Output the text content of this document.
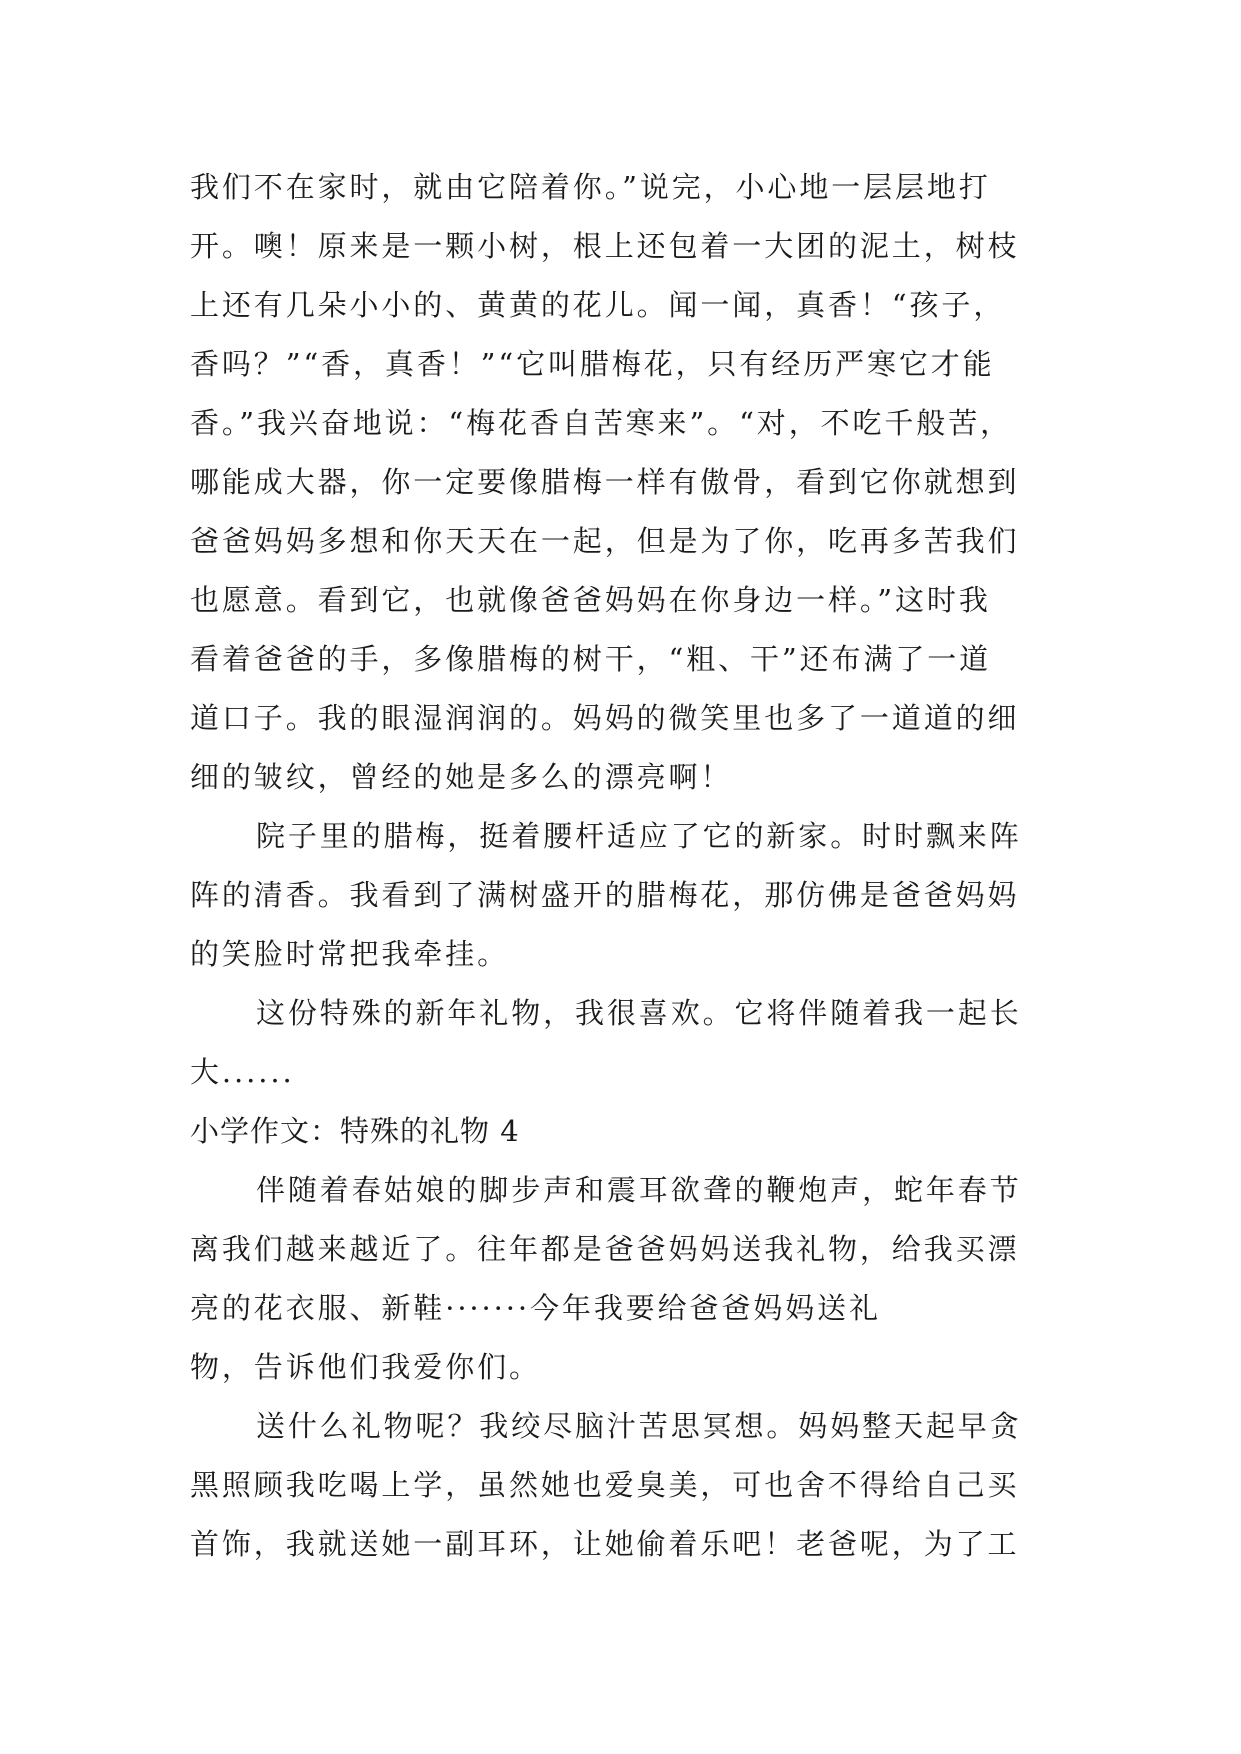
我们不在家时，就由它陪着你。”说完，小心地一层层地打
开。噢！原来是一颗小树，根上还包着一大团的泥土，树枝
上还有几朵小小的、黄黄的花儿。闻一闻，真香！“孩子，
香吗？”“香，真香！”“它叫腊梅花，只有经历严寒它才能
香。”我兴奋地说：“梅花香自苦寒来”。“对，不吃千般苦，
哪能成大器，你一定要像腊梅一样有傲骨，看到它你就想到
爸爸妈妈多想和你天天在一起，但是为了你，吃再多苦我们
也愿意。看到它，也就像爸爸妈妈在你身边一样。”这时我
看着爸爸的手，多像腊梅的树干，“粗、干”还布满了一道
道口子。我的眼湿润润的。妈妈的微笑里也多了一道道的细
细的皱纹，曾经的她是多么的漂亮啊！
院子里的腊梅，挺着腰杆适应了它的新家。时时飘来阵
阵的清香。我看到了满树盛开的腊梅花，那仿佛是爸爸妈妈
的笑脸时常把我牵挂。
这份特殊的新年礼物，我很喜欢。它将伴随着我一起长
大......
小学作文：特殊的礼物 4
伴随着春姑娘的脚步声和震耳欲聋的鞭炮声，蛇年春节
离我们越来越近了。往年都是爸爸妈妈送我礼物，给我买漂
亮的花衣服、新鞋·······今年我要给爸爸妈妈送礼
物，告诉他们我爱你们。
送什么礼物呢？我绞尽脑汁苦思冥想。妈妈整天起早贪
黑照顾我吃喝上学，虽然她也爱臭美，可也舍不得给自己买
首饰，我就送她一副耳环，让她偷着乐吧！老爸呢，为了工
